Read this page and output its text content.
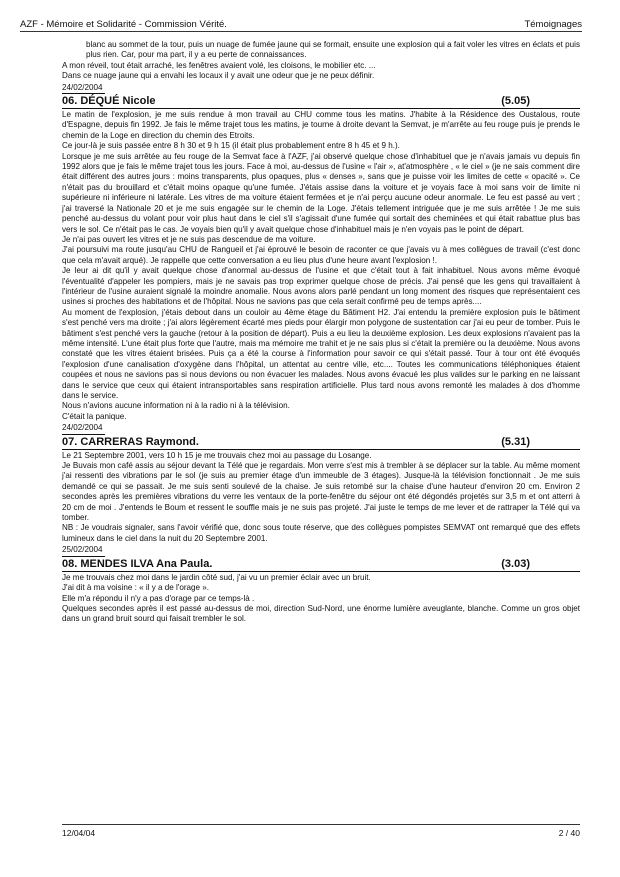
AZF - Mémoire et Solidarité - Commission Vérité.	Témoignages
blanc au sommet de la tour, puis un nuage de fumée jaune qui se formait, ensuite une explosion qui a fait voler les vitres en éclats et puis plus rien. Car, pour ma part, il y a eu perte de connaissances.
A mon réveil, tout était arraché, les fenêtres avaient volé, les cloisons, le mobilier etc. ...
Dans ce nuage jaune qui a envahi les locaux il y avait une odeur que je ne peux définir.
24/02/2004
06. DÉQUÉ Nicole	(5.05)
Le matin de l'explosion, je me suis rendue à mon travail au CHU comme tous les matins. J'habite à la Résidence des Oustalous, route d'Espagne, depuis fin 1992. Je fais le même trajet tous les matins, je tourne à droite devant la Semvat, je m'arrête au feu rouge puis je prends le chemin de la Loge en direction du chemin des Etroits.
Ce jour-là je suis passée entre 8 h 30 et 9 h 15 (il était plus probablement entre 8 h 45 et 9 h.).
Lorsque je me suis arrêtée au feu rouge de la Semvat face à l'AZF, j'ai observé quelque chose d'inhabituel que je n'avais jamais vu depuis fin 1992 alors que je fais le même trajet tous les jours. Face à moi, au-dessus de l'usine « l'air », at'atmosphère , « le ciel » (je ne sais comment dire était différent des autres jours : moins transparents, plus opaques, plus « denses », sans que je puisse voir les limites de cette « opacité ». Ce n'était pas du brouillard et c'était moins opaque qu'une fumée. J'étais assise dans la voiture et je voyais face à moi sans voir de limite ni supérieure ni inférieure ni latérale. Les vitres de ma voiture étaient fermées et je n'ai perçu aucune odeur anormale. Le feu est passé au vert ; j'ai traversé la Nationale 20 et je me suis engagée sur le chemin de la Loge. J'étais tellement intriguée que je me suis arrêtée ! Je me suis penché au-dessus du volant pour voir plus haut dans le ciel s'il s'agissait d'une fumée qui sortait des cheminées et qui était rabattue plus bas vers le sol. Ce n'était pas le cas. Je voyais bien qu'il y avait quelque chose d'inhabituel mais je n'en voyais pas le point de départ.
Je n'ai pas ouvert les vitres et je ne suis pas descendue de ma voiture.
J'ai poursuivi ma route jusqu'au CHU de Rangueil et j'ai éprouvé le besoin de raconter ce que j'avais vu à mes collègues de travail (c'est donc que cela m'avait arqué). Je rappelle que cette conversation a eu lieu plus d'une heure avant l'explosion !.
Je leur ai dit qu'il y avait quelque chose d'anormal au-dessus de l'usine et que c'était tout à fait inhabituel. Nous avons même évoqué l'éventualité d'appeler les pompiers, mais je ne savais pas trop exprimer quelque chose de précis. J'ai pensé que les gens qui travaillaient à l'intérieur de l'usine auraient signalé la moindre anomalie. Nous avons alors parlé pendant un long moment des risques que représentaient ces usines si proches des habitations et de l'hôpital. Nous ne savions pas que cela serait confirmé peu de temps après....
Au moment de l'explosion, j'étais debout dans un couloir au 4ème étage du Bâtiment H2. J'ai entendu la première explosion puis le bâtiment s'est penché vers ma droite ; j'ai alors légèrement écarté mes pieds pour élargir mon polygone de sustentation car j'ai eu peur de tomber. Puis le bâtiment s'est penché vers la gauche (retour à la position de départ). Puis a eu lieu la deuxième explosion. Les deux explosions n'avaient pas la même intensité. L'une était plus forte que l'autre, mais ma mémoire me trahit et je ne sais plus si c'était la première ou la deuxième. Nous avons constaté que les vitres étaient brisées. Puis ça a été la course à l'information pour savoir ce qui s'était passé. Tour à tour ont été évoqués l'explosion d'une canalisation d'oxygène dans l'hôpital, un attentat au centre ville, etc.... Toutes les communications téléphoniques étaient coupées et nous ne savions pas si nous devions ou non évacuer les malades. Nous avons évacué les plus valides sur le parking en ne laissant dans le service que ceux qui étaient intransportables sans respiration artificielle. Plus tard nous avons remonté les malades à dos d'homme dans le service.
Nous n'avions aucune information ni à la radio ni à la télévision.
C'était la panique.
24/02/2004
07. CARRERAS Raymond.	(5.31)
Le 21 Septembre 2001, vers 10 h 15 je me trouvais chez moi au passage du Losange.
Je Buvais mon café assis au séjour devant la Télé que je regardais. Mon verre s'est mis à trembler à se déplacer sur la table. Au même moment j'ai ressenti des vibrations par le sol (je suis au premier étage d'un immeuble de 3 étages). Jusque-là la télévision fonctionnait . Je me suis demandé ce qui se passait. Je me suis senti soulevé de la chaise. Je suis retombé sur la chaise d'une hauteur d'environ 20 cm. Environ 2 secondes après les premières vibrations du verre les ventaux de la porte-fenêtre du séjour ont été dégondés projetés sur 3,5 m et ont atterri à 20 cm de moi . J'entends le Boum et ressent le souffle mais je ne suis pas projeté. J'ai juste le temps de me lever et de rattraper la Télé qui va tomber.
NB : Je voudrais signaler, sans l'avoir vérifié que, donc sous toute réserve, que des collègues pompistes SEMVAT ont remarqué que des effets lumineux dans le ciel dans la nuit du 20 Septembre 2001.
25/02/2004
08. MENDES ILVA Ana Paula.	(3.03)
Je me trouvais chez moi dans le jardin côté sud, j'ai vu un premier éclair avec un bruit.
J'ai dit à ma voisine : « il y a de l'orage ».
Elle m'a répondu il n'y a pas d'orage par ce temps-là .
Quelques secondes après il est passé au-dessus de moi, direction Sud-Nord, une énorme lumière aveuglante, blanche. Comme un gros objet dans un grand bruit sourd qui faisait trembler le sol.
12/04/04	2 / 40
